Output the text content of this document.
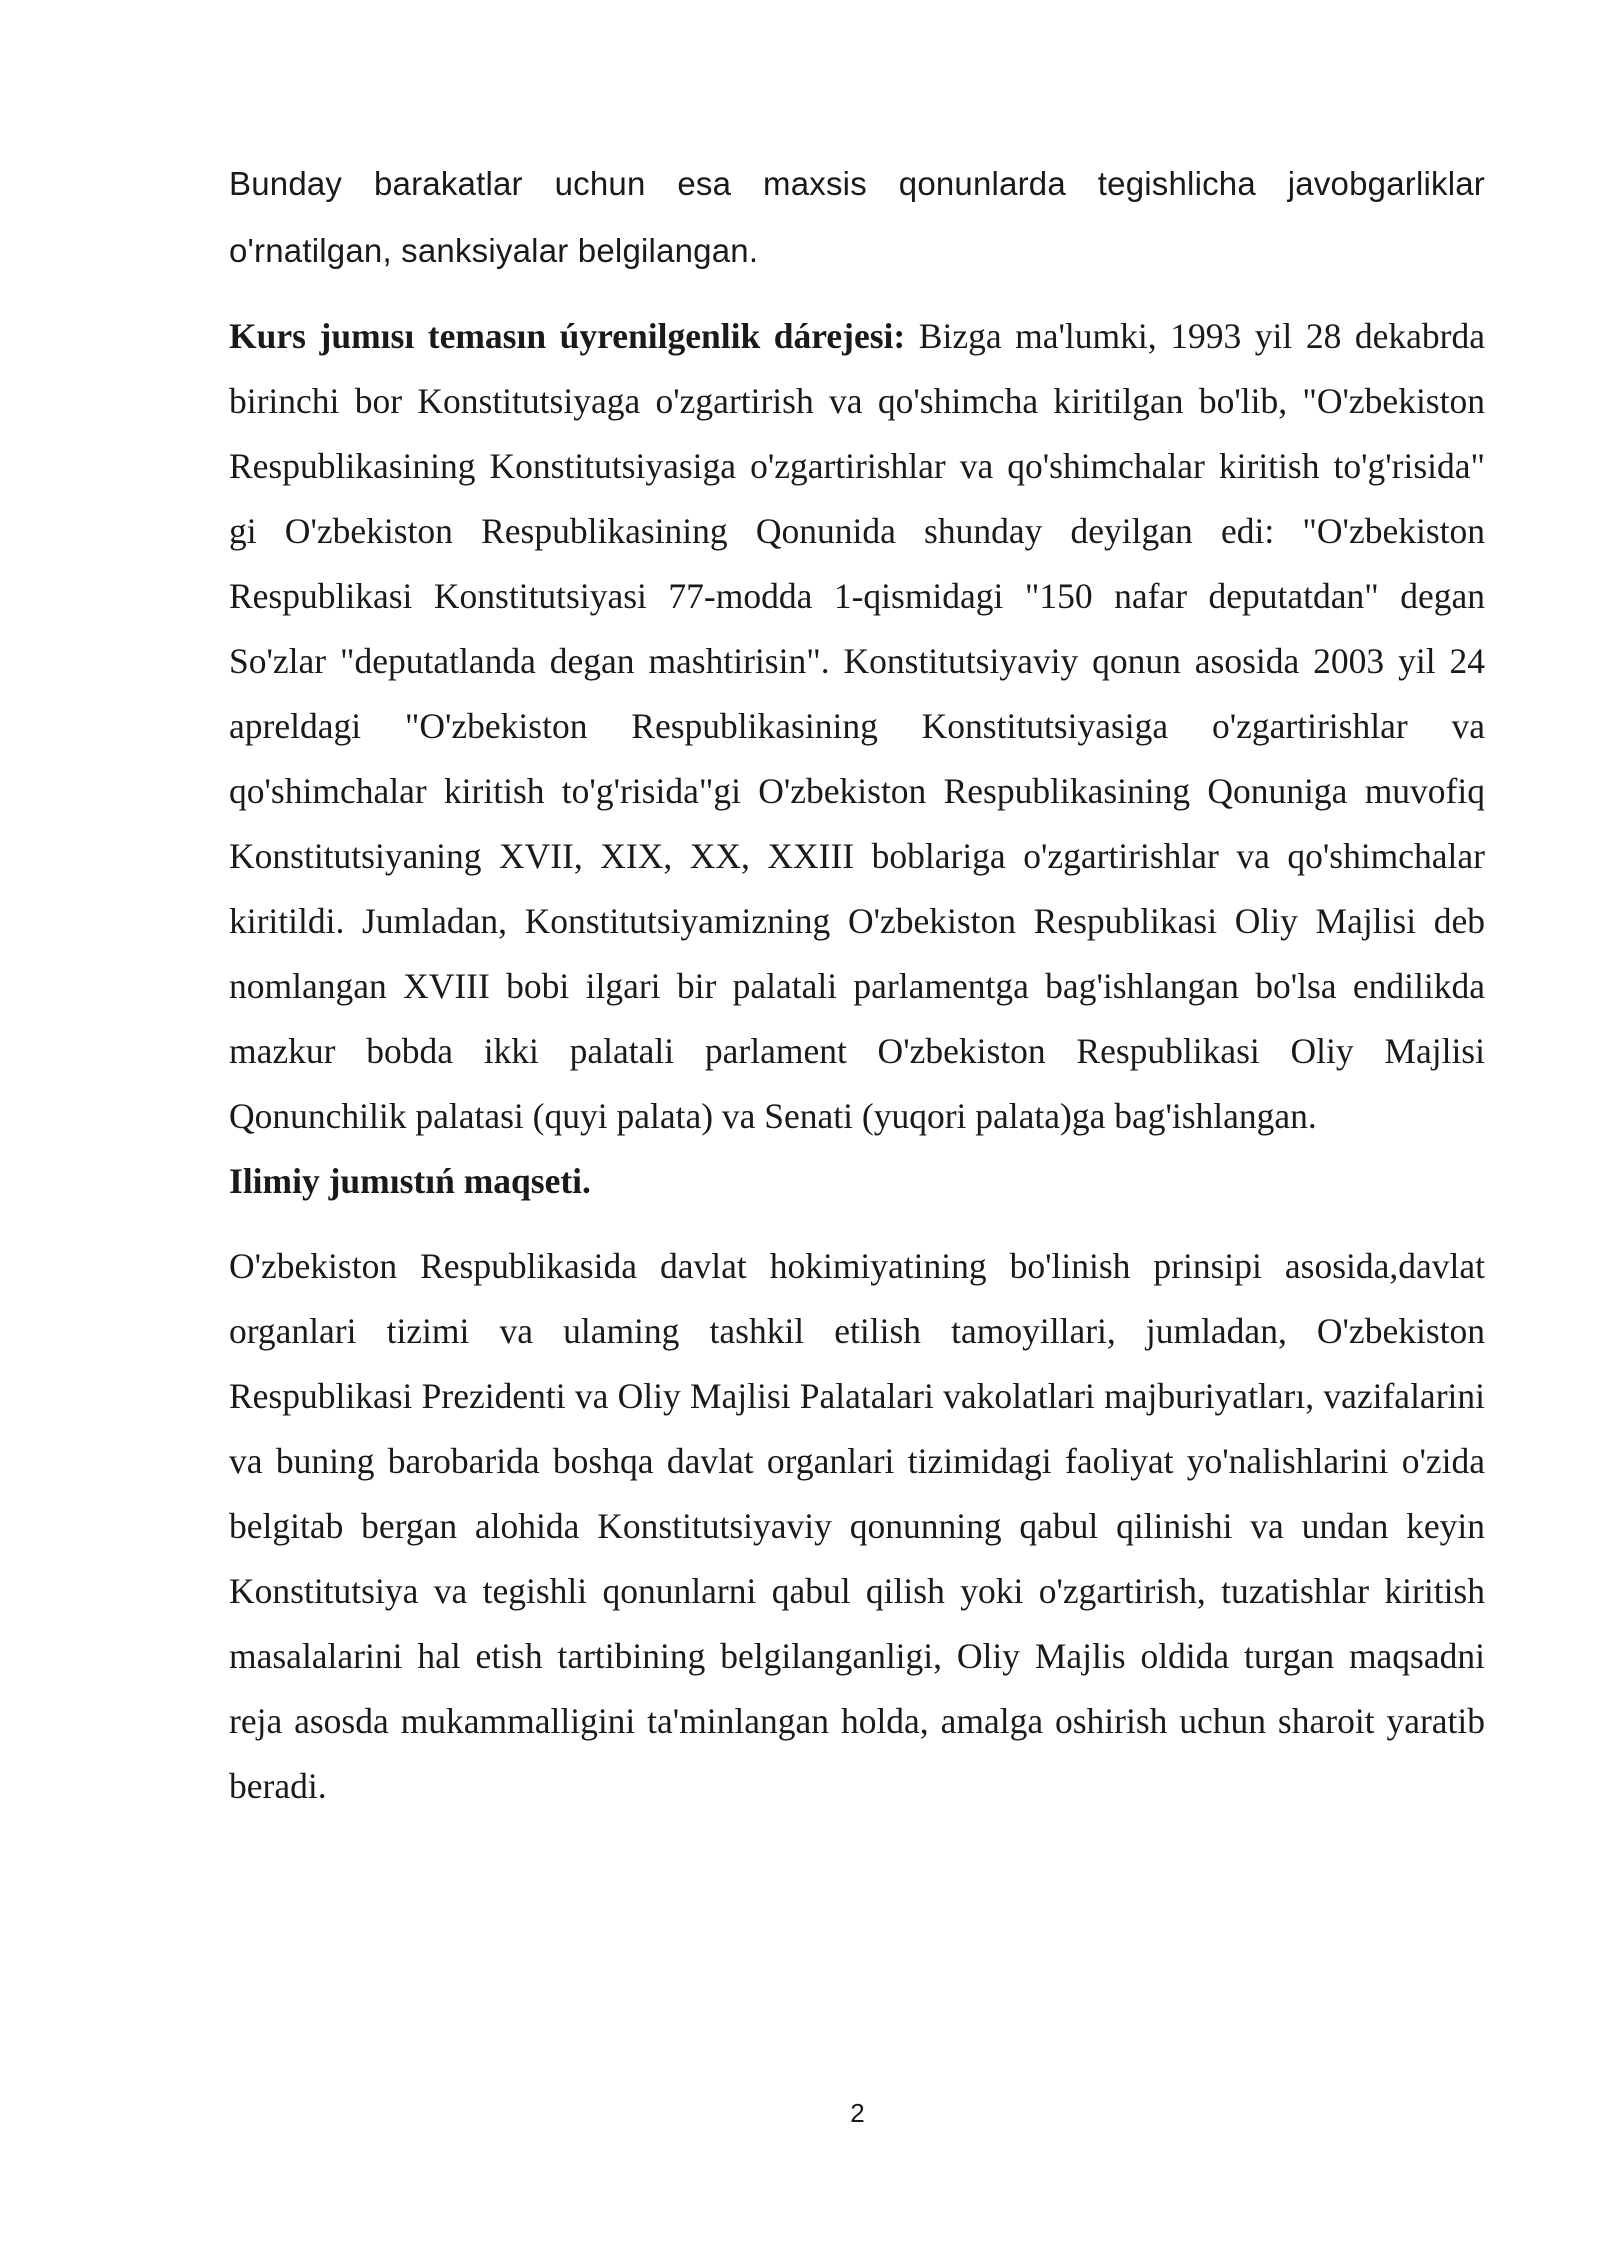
Bunday barakatlar uchun esa maxsis qonunlarda tegishlicha javobgarliklar o'rnatilgan, sanksiyalar belgilangan.

Kurs jumısı temasın úyrenilgenlik dárejesi: Bizga ma'lumki, 1993 yil 28 dekabrda birinchi bor Konstitutsiyaga o'zgartirish va qo'shimcha kiritilgan bo'lib, "O'zbekiston Respublikasining Konstitutsiyasiga o'zgartirishlar va qo'shimchalar kiritish to'g'risida" gi O'zbekiston Respublikasining Qonunida shunday deyilgan edi: "O'zbekiston Respublikasi Konstitutsiyasi 77-modda 1-qismidagi "150 nafar deputatdan" degan So'zlar "deputatlanda degan mashtirisin". Konstitutsiyaviy qonun asosida 2003 yil 24 apreldagi "O'zbekiston Respublikasining Konstitutsiyasiga o'zgartirishlar va qo'shimchalar kiritish to'g'risida"gi O'zbekiston Respublikasining Qonuniga muvofiq Konstitutsiyaning XVII, XIX, XX, XXIII boblariga o'zgartirishlar va qo'shimchalar kiritildi. Jumladan, Konstitutsiyamizning O'zbekiston Respublikasi Oliy Majlisi deb nomlangan XVIII bobi ilgari bir palatali parlamentga bag'ishlangan bo'lsa endilikda mazkur bobda ikki palatali parlament O'zbekiston Respublikasi Oliy Majlisi Qonunchilik palatasi (quyi palata) va Senati (yuqori palata)ga bag'ishlangan.

Ilimiy jumıstıń maqseti.

O'zbekiston Respublikasida davlat hokimiyatining bo'linish prinsipi asosida,davlat organlari tizimi va ulaming tashkil etilish tamoyillari, jumladan, O'zbekiston Respublikasi Prezidenti va Oliy Majlisi Palatalari vakolatlari majburiyatları, vazifalarini va buning barobarida boshqa davlat organlari tizimidagi faoliyat yo'nalishlarini o'zida belgitab bergan alohida Konstitutsiyaviy qonunning qabul qilinishi va undan keyin Konstitutsiya va tegishli qonunlarni qabul qilish yoki o'zgartirish, tuzatishlar kiritish masalalarini hal etish tartibining belgilanganligi, Oliy Majlis oldida turgan maqsadni reja asosda mukammalligini ta'minlangan holda, amalga oshirish uchun sharoit yaratib beradi.

2
